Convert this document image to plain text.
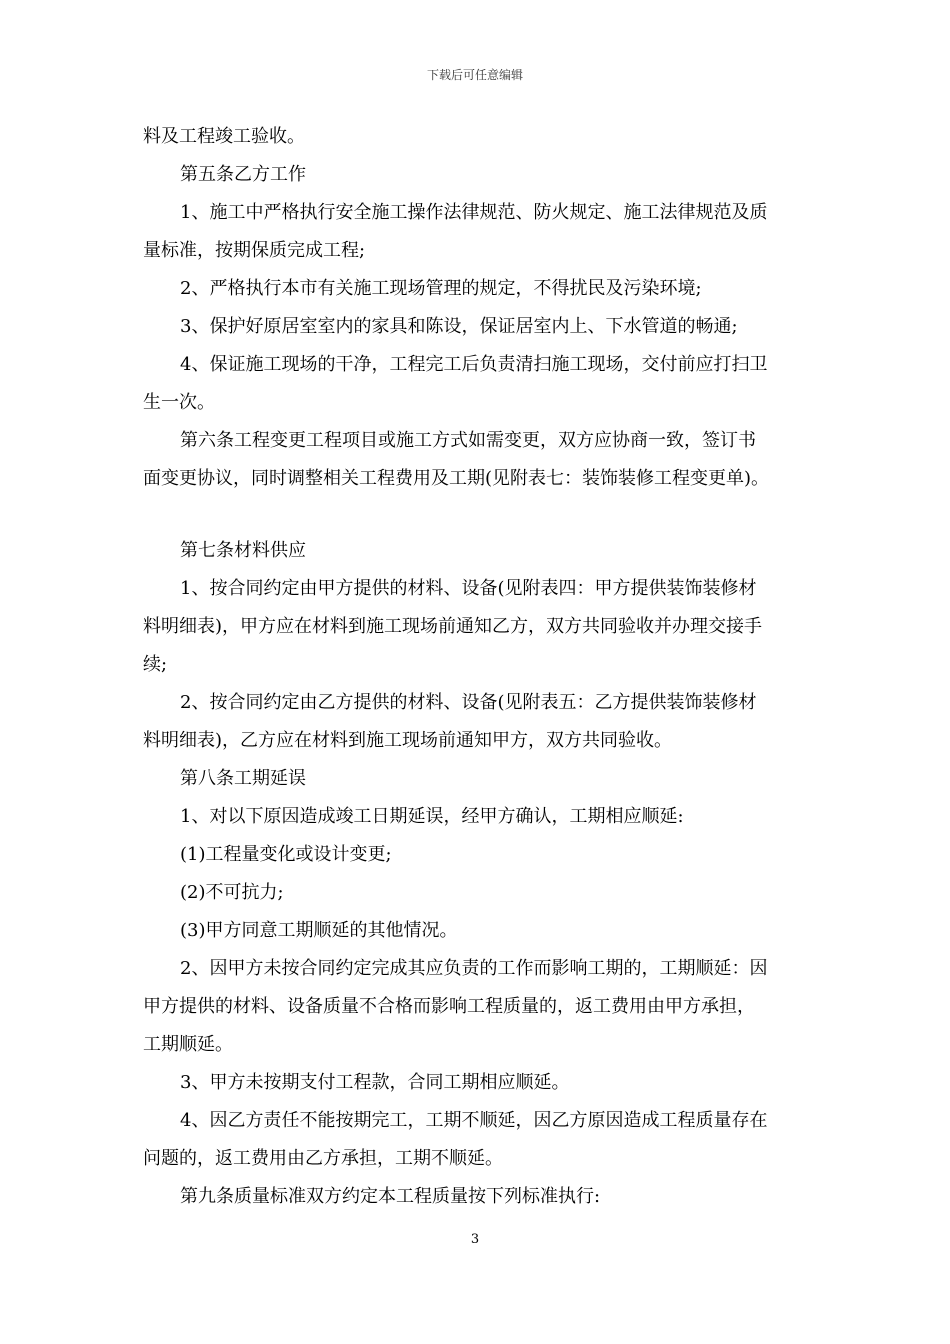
下载后可任意编辑
料及工程竣工验收。
第五条乙方工作
1、施工中严格执行安全施工操作法律规范、防火规定、施工法律规范及质
量标准，按期保质完成工程;
2、严格执行本市有关施工现场管理的规定，不得扰民及污染环境;
3、保护好原居室室内的家具和陈设，保证居室内上、下水管道的畅通;
4、保证施工现场的干净，工程完工后负责清扫施工现场，交付前应打扫卫
生一次。
第六条工程变更工程项目或施工方式如需变更，双方应协商一致，签订书
面变更协议，同时调整相关工程费用及工期(见附表七：装饰装修工程变更单)。
第七条材料供应
1、按合同约定由甲方提供的材料、设备(见附表四：甲方提供装饰装修材
料明细表)，甲方应在材料到施工现场前通知乙方，双方共同验收并办理交接手
续;
2、按合同约定由乙方提供的材料、设备(见附表五：乙方提供装饰装修材
料明细表)，乙方应在材料到施工现场前通知甲方，双方共同验收。
第八条工期延误
1、对以下原因造成竣工日期延误，经甲方确认，工期相应顺延:
(1)工程量变化或设计变更;
(2)不可抗力;
(3)甲方同意工期顺延的其他情况。
2、因甲方未按合同约定完成其应负责的工作而影响工期的，工期顺延：因
甲方提供的材料、设备质量不合格而影响工程质量的，返工费用由甲方承担，
工期顺延。
3、甲方未按期支付工程款，合同工期相应顺延。
4、因乙方责任不能按期完工，工期不顺延，因乙方原因造成工程质量存在
问题的，返工费用由乙方承担，工期不顺延。
第九条质量标准双方约定本工程质量按下列标准执行:
3
